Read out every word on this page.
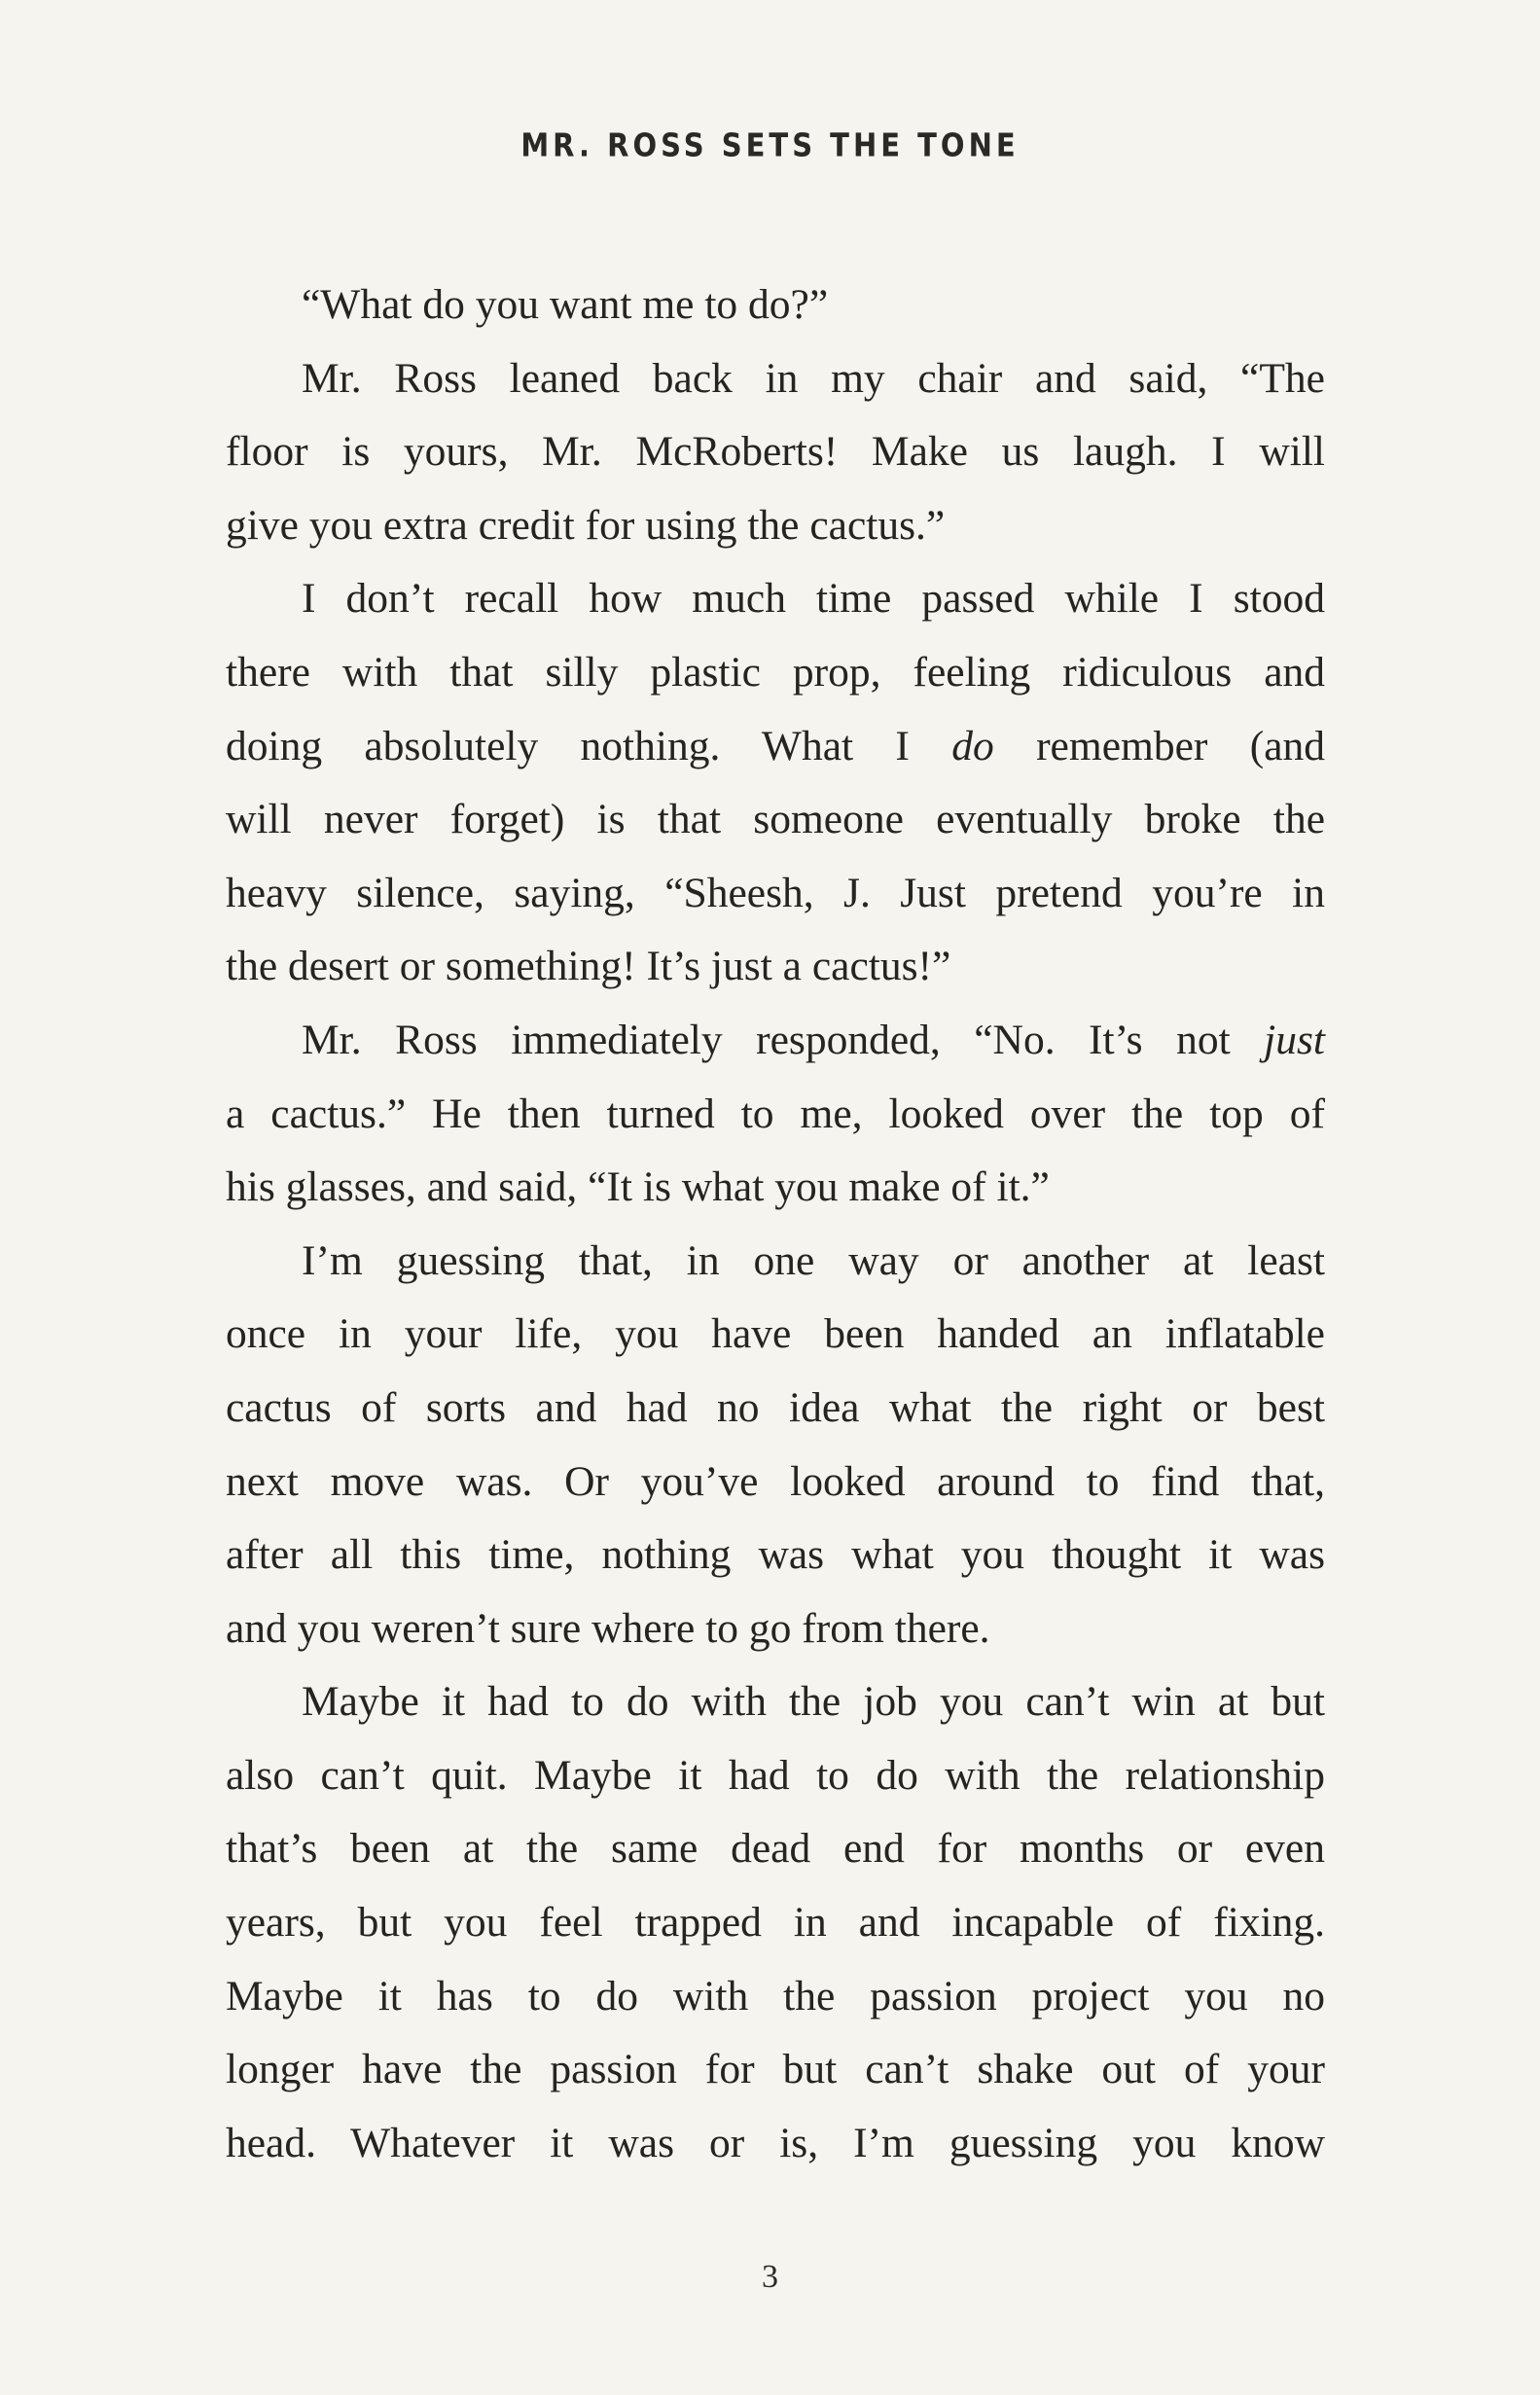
MR. ROSS SETS THE TONE
“What do you want me to do?”
Mr. Ross leaned back in my chair and said, “The
floor is yours, Mr. McRoberts! Make us laugh. I will
give you extra credit for using the cactus.”
I don’t recall how much time passed while I stood
there with that silly plastic prop, feeling ridiculous and
doing absolutely nothing. What I do remember (and
will never forget) is that someone eventually broke the
heavy silence, saying, “Sheesh, J. Just pretend you’re in
the desert or something! It’s just a cactus!”
Mr. Ross immediately responded, “No. It’s not just
a cactus.” He then turned to me, looked over the top of
his glasses, and said, “It is what you make of it.”
I’m guessing that, in one way or another at least
once in your life, you have been handed an inflatable
cactus of sorts and had no idea what the right or best
next move was. Or you’ve looked around to find that,
after all this time, nothing was what you thought it was
and you weren’t sure where to go from there.
Maybe it had to do with the job you can’t win at but
also can’t quit. Maybe it had to do with the relationship
that’s been at the same dead end for months or even
years, but you feel trapped in and incapable of fixing.
Maybe it has to do with the passion project you no
longer have the passion for but can’t shake out of your
head. Whatever it was or is, I’m guessing you know
3
